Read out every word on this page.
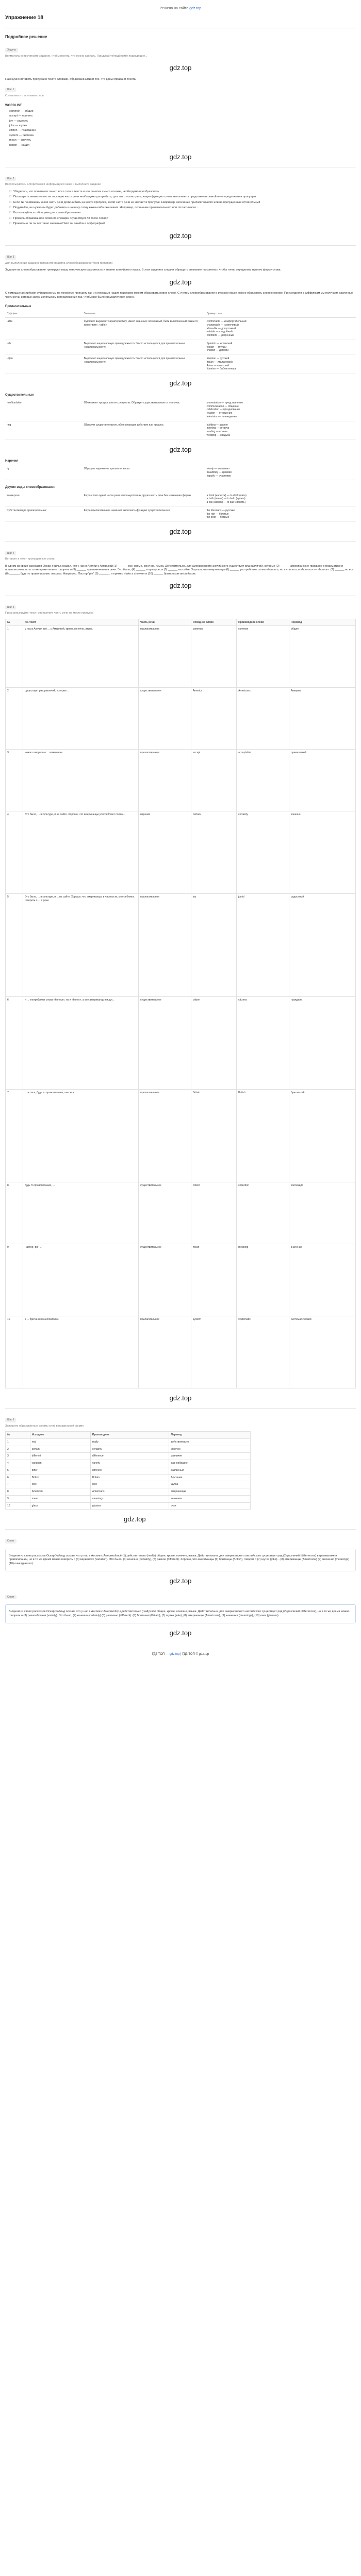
Решено на сайте gdz.top
Упражнение 18
Подробное решение
Задача
Внимательно прочитайте задание, чтобы понять, что нужно сделать. Придумайте/подберите подходящие...
gdz.top

Нам нужно вставить пропуски в тексте словами, образованными от тех, что даны справа от текста.

Шаг 1
Ознакомься с основами слов
WORDLIST
common — общий
accept — принять
joy — радость
joke — шутка
citizen — гражданин
system — система
mean — значить
nation — нация
gdz.top
Шаг 2
Воспользуйтесь алгоритмом и информацией ниже и выполните задание
☐ Убедитесь, что понимаете смысл всех слов в тексте и что понятен смысл основы, необходимо преобразовать.
☐ Посмотрите внимательно на то, какую часть речи необходимо употребить, для этого посмотрите, какую функцию слово выполняет в предложении, какой член предложения пропущен.
☐ Если ты понимаешь какая часть речи должна быть на месте пропуска, какой части речи не хватает в пропуске. Например, окончание прилагательного или на пропущенный отглагольный
☐ Подумайте, не нужно ли будет добавить к нашему слову какие-либо окончания. Например, окончание прилагательного или отглагольного...
☐ Воспользуйтесь таблицами для словообразования
☐ Проверь образованное слово по словарю. Существует ли такое слово?
☐ Правильно ли ты поставил значение? Нет ли ошибок в орфографии?
gdz.top
Шаг 3
Для выполнения задания вспомните правила словообразования (Word formation)

Задания на словообразование тренируют вашу лексическую грамотность и знание английского языка. В этих заданиях следует обращать внимание на контекст, чтобы точно определить нужную форму слова.

gdz.top

С помощью английских суффиксов мы по похожему принципу как и с помощью наших приставок можем образовать новое слово. С учетом словообразования в русском языке можно образовать слово к основе. Присоединяя к суффиксам мы получаем различные части речи, которые затем используем в предложении так, чтобы всё было грамматически верно.

Прилагательные
Суффикс	Значение	Пример слов
-able	Суффикс выражает характеристику, имеет значение: возможный, быть выполненным каким-то качеством», «able»	comfortable — комфортабельный
changeable — изменчивый
allowable — допустимый
eatable — съедобный
confident — уверенный

-ish	Выражает национальную принадлежность: Часто используется для прилагательных «национальности»	Spanish — испанский
foolish — глупый
childish — детский

-(i)an	Выражает национальную принадлежность: Часто используется для прилагательных «национальности»	Russian — русский
Italian — итальянский
Asian — азиатский
librarian — библиотекарь
gdz.top
Существительные
-ion/tion/ation	Обозначает процесс или его результат. Образует существительные от глаголов.	presentation — представление
communication — общение
celebration — празднование
relation — отношение
television — телевидение

-ing	Образует существительное, обозначающее действие или процесс	building — здание
meeting — встреча
reading — чтение
wedding — свадьба
gdz.top
Наречия
-ly	Образует наречие от прилагательного	slowly — медленно
beautifully — красиво
happily — счастливо
Другие виды словообразования
Конверсия	Когда слово одной части речи используется как другая часть речи без изменения формы	a drink (напиток) — to drink (пить)
a bath (ванна) — to bath (купать)
a call (звонок) — to call (звонить)

Субстантивация прилагательных	Когда прилагательное начинает выполнять функцию существительного	the Russians — русские
the rich — богатые
the poor — бедные
gdz.top
Шаг 4
Вставьте в текст пропущенные слова

В одном из своих рассказов Оскар Уайльд сказал, что у нас в Англии с Америкой (1) ______ всё, кроме, конечно, языка. Действительно, для американского английского существует ряд различий, которые (2) ______ американские граждане в грамматике и правописании, но в то же время можно говорить о (3) ______ при изменении в речи. Это было, (4) ______ в культуре, и (5) ______ на сайте. Хорошо, что американцы (6) ______ употребляют слова «honour», но и «honor», и «humour» — «humor». (7) ______ но все (8) ______, будь то правописание, лексика. Например, Пастор "pie" (9) ______ , и пример «take a shower» в (10) ______ британском английском.

gdz.top
Шаг 5
Проанализируйте текст: определите часть речи на месте пропуска
№	Контекст	Часть речи	Исходное слово	Производное слово	Перевод
1	у нас в Англии всё ... с Америкой, кроме, конечно, языка.	прилагательное	common	common	общее
2	существует ряд различий, которые ...	существительное	America	Americans	Америка
3	можно говорить о ... изменении	прилагательное	accept	acceptable	приемлемый
4	Это было, ... в культуре, и на сайте. Хорошо, что американцы употребляют слова...	наречие	certain	certainly	конечно
5	Это было, ... в культуре, и ... на сайте. Хорошо, что американцы, в частности, употребляют, говорить о ... в речи.	прилагательное	joy	joyful	радостный
6	и ... употребляют слова «honour», но и «honor», а все американцы пишут...	существительное	citizen	citizens	граждане
7	... но все, будь то правописание, лексика.	прилагательное	Britain	British	британский
8	будь то правописание, ...	существительное	collect	collection	коллекция
9	Пастор "pie" ...	существительное	mean	meaning	значение
10	в ... британском английском.	прилагательное	system	systematic	систематический
gdz.top
Шаг 6
Запишите образованные формы слов в правильной форме
№	Исходное	Производное	Перевод
1	real	really	действительно
2	certain	certainly	конечно
3	different	difference	различие
4	variation	variety	разнообразие
5	differ	different	различный
6	British	Britain	Британия
7	joke	joke	шутка
8	American	Americans	американцы
9	mean	meanings	значения
10	glass	glasses	очки
gdz.top
Ответ

В одном из своих рассказов Оскар Уайльд сказал, что у нас в Англии с Америкой всё (1) действительно (really) общее, кроме, конечно, языка. Действительно, для американского английского существует ряд (2) различий (differences) в грамматике и правописании, но в то же время можно говорить о (3) вариантах (variation). Это было, (4) конечно (certainly), (5) разное (different). Хорошо, что американцы (6) британцы (British), говорят о (7) шутке (joke)... (8) американцы (Americans) (9) значения (meanings) (10) очки (glasses).

gdz.top
Ответ

В одном из своих рассказов Оскар Уайльд сказал, что у нас в Англии с Америкой (1) действительно (really) всё общее, кроме, конечно, языка. Действительно, для американского английского существует ряд (2) различий (differences), но в то же время можно говорить о (3) разнообразии (variety). Это было, (4) конечно (certainly) (5) различно (different). (6) Британия (Britain), (7) шутка (joke), (8) американцы (Americans), (9) значения (meanings), (10) очки (glasses).

gdz.top
ГДЗ ТОП — gdz.top | ГДЗ ТОП © gdz.top
